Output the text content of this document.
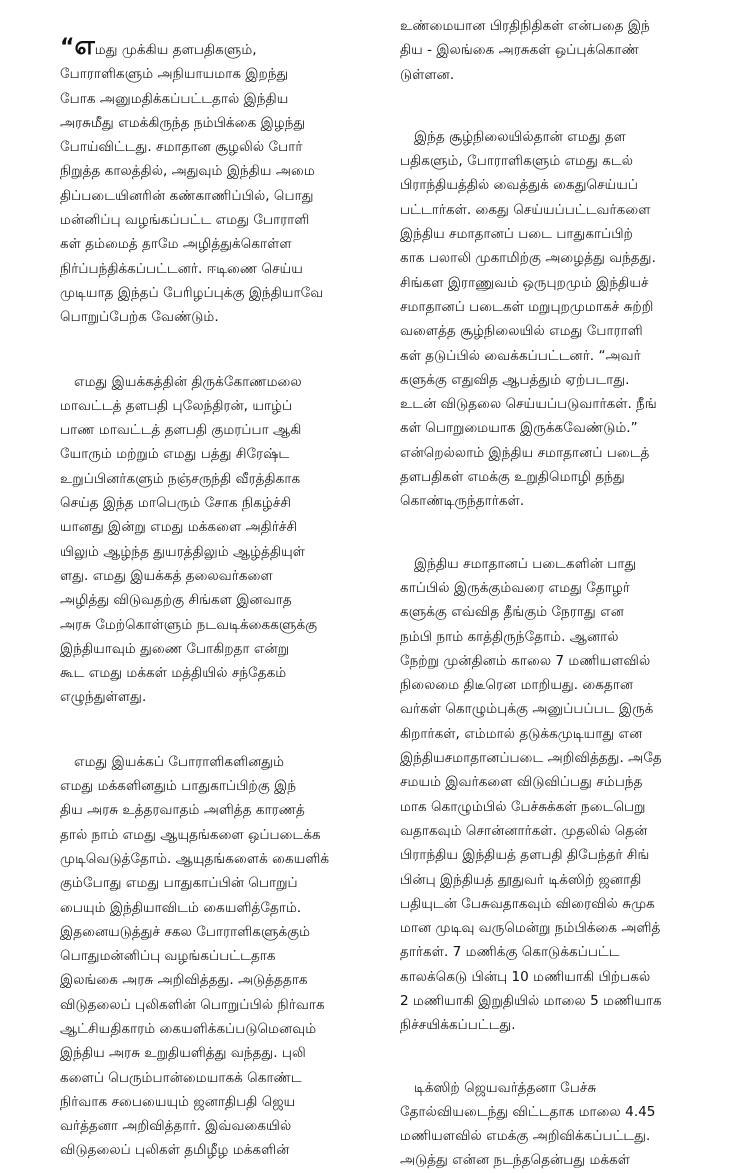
“எமது முக்கிய தளபதிகளும்,
போராளிகளும் அநியாயமாக இறந்து
போக அனுமதிக்கப்பட்டதால் இந்திய
அரசுமீது எமக்கிருந்த நம்பிக்கை இழந்து
போய்விட்டது. சமாதான சூழலில் போர்
நிறுத்த காலத்தில், அதுவும் இந்திய அமை
திப்படையினரின் கண்காணிப்பில், பொது
மன்னிப்பு வழங்கப்பட்ட எமது போராளி
கள் தம்மைத் தாமே அழித்துக்கொள்ள
நிர்ப்பந்திக்கப்பட்டனர். ஈடிணை செய்ய
முடியாத இந்தப் பேரிழப்புக்கு இந்தியாவே
பொறுப்பேற்க வேண்டும்.
எமது இயக்கத்தின் திருக்கோணமலை
மாவட்டத் தளபதி புலேந்திரன், யாழ்ப்
பாண மாவட்டத் தளபதி குமரப்பா ஆகி
யோரும் மற்றும் எமது பத்து சிரேஷ்ட
உறுப்பினர்களும் நஞ்சருந்தி வீரத்திகாக
செய்த இந்த மாபெரும் சோக நிகழ்ச்சி
யானது இன்று எமது மக்களை அதிர்ச்சி
யிலும் ஆழ்ந்த துயரத்திலும் ஆழ்த்தியுள்
ளது. எமது இயக்கத் தலைவர்களை
அழித்து விடுவதற்கு சிங்கள இனவாத
அரசு மேற்கொள்ளும் நடவடிக்கைகளுக்கு
இந்தியாவும் துணை போகிறதா என்று
கூட எமது மக்கள் மத்தியில் சந்தேகம்
எழுந்துள்ளது.
எமது இயக்கப் போராளிகளினதும்
எமது மக்களினதும் பாதுகாப்பிற்கு இந்
திய அரசு உத்தரவாதம் அளித்த காரணத்
தால் நாம் எமது ஆயுதங்களை ஒப்படைக்க
முடிவெடுத்தோம். ஆயுதங்களைக் கையளிக்
கும்போது எமது பாதுகாப்பின் பொறுப்
பையும் இந்தியாவிடம் கையளித்தோம்.
இதனையடுத்துச் சகல போராளிகளுக்கும்
பொதுமன்னிப்பு வழங்கப்பட்டதாக
இலங்கை அரசு அறிவித்தது. அடுத்ததாக
விடுதலைப் புலிகளின் பொறுப்பில் நிர்வாக
ஆட்சியதிகாரம் கையளிக்கப்படுமெனவும்
இந்திய அரசு உறுதியளித்து வந்தது. புலி
களைப் பெரும்பான்மையாகக் கொண்ட
நிர்வாக சபையையும் ஜனாதிபதி ஜெய
வர்த்தனா அறிவித்தார். இவ்வகையில்
விடுதலைப் புலிகள் தமிழீழ மக்களின்
உண்மையான பிரதிநிதிகள் என்பதை இந்
திய - இலங்கை அரசுகள் ஒப்புக்கொண்
டுள்ளன.
இந்த சூழ்நிலையில்தான் எமது தள
பதிகளும், போராளிகளும் எமது கடல்
பிராந்தியத்தில் வைத்துக் கைதுசெய்யப்
பட்டார்கள். கைது செய்யப்பட்டவர்களை
இந்திய சமாதானப் படை பாதுகாப்பிற்
காக பலாலி முகாமிற்கு அழைத்து வந்தது.
சிங்கள இராணுவம் ஒருபுறமும் இந்தியச்
சமாதானப் படைகள் மறுபுறமுமாகச் சுற்றி
வளைத்த சூழ்நிலையில் எமது போராளி
கள் தடுப்பில் வைக்கப்பட்டனர். “அவர்
களுக்கு எதுவித ஆபத்தும் ஏற்படாது.
உடன் விடுதலை செய்யப்படுவார்கள். நீங்
கள் பொறுமையாக இருக்கவேண்டும்.”
என்றெல்லாம் இந்திய சமாதானப் படைத்
தளபதிகள் எமக்கு உறுதிமொழி தந்து
கொண்டிருந்தார்கள்.
இந்திய சமாதானப் படைகளின் பாது
காப்பில் இருக்கும்வரை எமது தோழர்
களுக்கு எவ்வித தீங்கும் நேராது என
நம்பி நாம் காத்திருந்தோம். ஆனால்
நேற்று முன்தினம் காலை 7 மணியளவில்
நிலைமை திடீரென மாறியது. கைதான
வர்கள் கொழும்புக்கு அனுப்பப்பட இருக்
கிறார்கள், எம்மால் தடுக்கமுடியாது என
இந்தியசமாதானப்படை அறிவித்தது. அதே
சமயம் இவர்களை விடுவிப்பது சம்பந்த
மாக கொழும்பில் பேச்சுக்கள் நடைபெறு
வதாகவும் சொன்னார்கள். முதலில் தென்
பிராந்திய இந்தியத் தளபதி திபேந்தர் சிங்
பின்பு இந்தியத் தூதுவர் டிக்ஸிற் ஜனாதி
பதியுடன் பேசுவதாகவும் விரைவில் சுமுக
மான முடிவு வருமென்று நம்பிக்கை அளித்
தார்கள். 7 மணிக்கு கொடுக்கப்பட்ட
காலக்கெடு பின்பு 10 மணியாகி பிற்பகல்
2 மணியாகி இறுதியில் மாலை 5 மணியாக
நிச்சயிக்கப்பட்டது.
டிக்ஸிற் ஜெயவர்த்தனா பேச்சு
தோல்வியடைந்து விட்டதாக மாலை 4.45
மணியளவில் எமக்கு அறிவிக்கப்பட்டது.
அடுத்து என்ன நடந்ததென்பது மக்கள்
